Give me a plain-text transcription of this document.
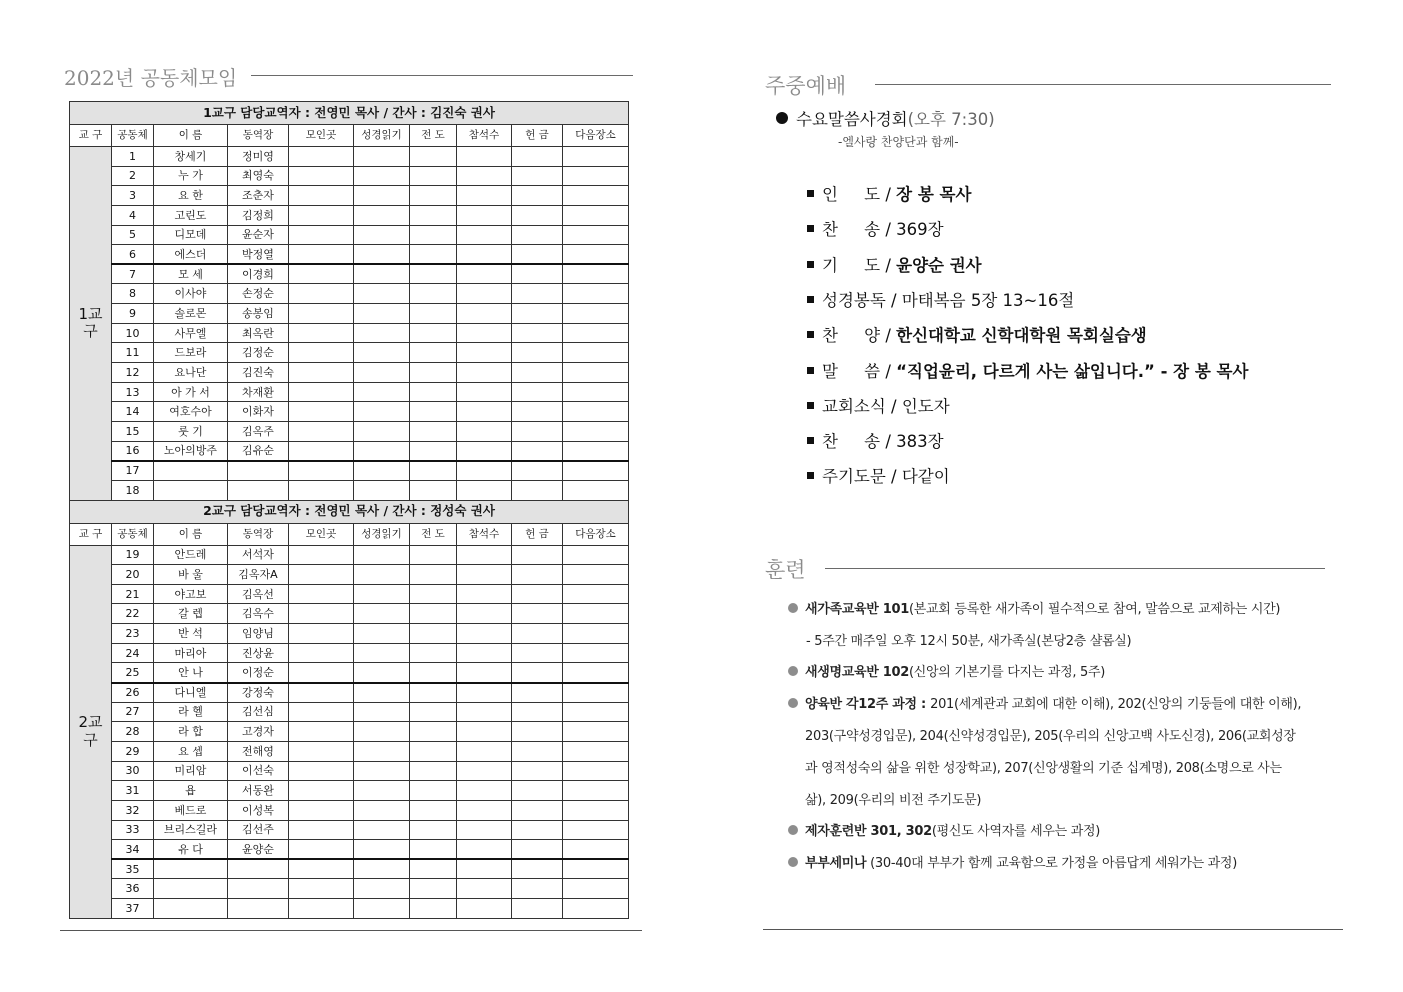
2022년 공동체모임
1교구 담당교역자 : 전영민 목사 / 간사 : 김진숙 권사									
교 구	공동체	이 름	동역장	모인곳	성경읽기	전 도	참석수	헌 금	다음장소
1교구	1	창세기	정미영						
	2	누 가	최영숙						
	3	요 한	조춘자						
	4	고린도	김정희						
	5	디모데	윤순자						
	6	에스더	박정열						
	7	모 세	이경희						
	8	이사야	손정순						
	9	솔로몬	송봉임						
	10	사무엘	최옥란						
	11	드보라	김정순						
	12	요나단	김진숙						
	13	아 가 서	차재환						
	14	여호수아	이화자						
	15	룻 기	김옥주						
	16	노아의방주	김유순						
	17								
	18								
2교구 담당교역자 : 전영민 목사 / 간사 : 정성숙 권사									
교 구	공동체	이 름	동역장	모인곳	성경읽기	전 도	참석수	헌 금	다음장소
2교구	19	안드레	서석자						
	20	바 울	김옥자A						
	21	야고보	김옥선						
	22	갈 렙	김옥수						
	23	반 석	임양님						
	24	마리아	진상윤						
	25	안 나	이정순						
	26	다니엘	강정숙						
	27	라 헬	김선심						
	28	라 합	고경자						
	29	요 셉	전해영						
	30	미리암	이선숙						
	31	욥	서동완						
	32	베드로	이성복						
	33	브리스길라	김선주						
	34	유 다	윤양순						
	35								
	36								
	37								
주중예배
수요말씀사경회(오후 7:30)
-엘사랑 찬양단과 함께-
인     도 / 장 봉 목사
찬     송 / 369장
기     도 / 윤양순 권사
성경봉독 / 마태복음 5장 13~16절
찬     양 / 한신대학교 신학대학원 목회실습생
말     씀 / “직업윤리, 다르게 사는 삶입니다.” - 장 봉 목사
교회소식 / 인도자
찬     송 / 383장
주기도문 / 다같이
훈련
새가족교육반 101(본교회 등록한 새가족이 필수적으로 참여, 말씀으로 교제하는 시간)
- 5주간 매주일 오후 12시 50분, 새가족실(본당2층 샬롬실)
새생명교육반 102(신앙의 기본기를 다지는 과정, 5주)
양육반 각12주 과정 : 201(세계관과 교회에 대한 이해), 202(신앙의 기둥들에 대한 이해),
203(구약성경입문), 204(신약성경입문), 205(우리의 신앙고백 사도신경), 206(교회성장
과 영적성숙의 삶을 위한 성장학교), 207(신앙생활의 기준 십계명), 208(소명으로 사는
삶), 209(우리의 비전 주기도문)
제자훈련반 301, 302(평신도 사역자를 세우는 과정)
부부세미나 (30-40대 부부가 함께 교육함으로 가정을 아름답게 세워가는 과정)
